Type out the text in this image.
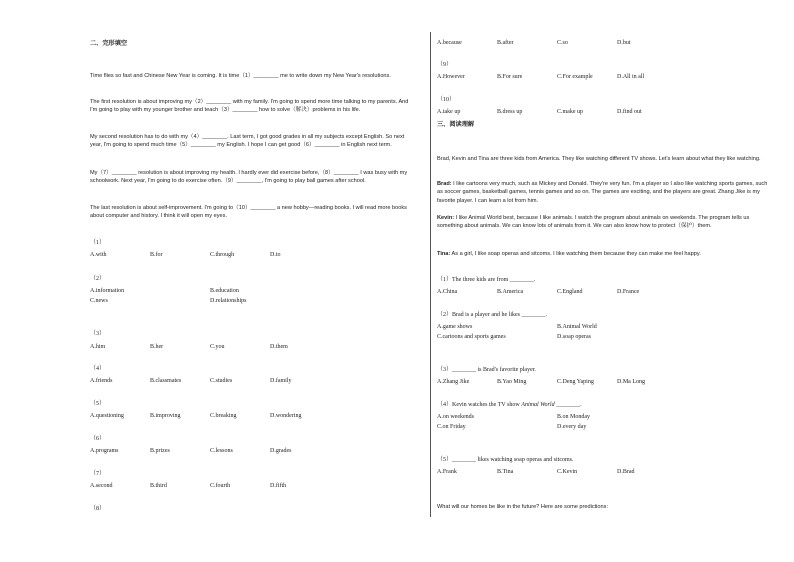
二、完形填空
Time flies so fast and Chinese New Year is coming. It is time（1）________ me to write down my New Year's resolutions.
The first resolution is about improving my（2）________ with my family. I'm going to spend more time talking to my parents. And I'm going to play with my younger brother and teach（3）________ how to solve（解决）problems in his life.
My second resolution has to do with my（4）________. Last term, I got good grades in all my subjects except English. So next year, I'm going to spend much time（5）________ my English. I hope I can get good（6）________ in English next term.
My（7）________ resolution is about improving my health. I hardly ever did exercise before,（8）________ I was busy with my schoolwork. Next year, I'm going to do exercise often.（9）________, I'm going to play ball games after school.
The last resolution is about self-improvement. I'm going to（10）________ a new hobby—reading books. I will read more books about computer and history. I think it will open my eyes.
（1）
A.with	B.for	C.through	D.to
（2）
A.information	B.education
C.news	D.relationships
（3）
A.him	B.her	C.you	D.them
（4）
A.friends	B.classmates	C.studies	D.family
（5）
A.questioning	B.improving	C.breaking	D.wondering
（6）
A.programs	B.prizes	C.lessons	D.grades
（7）
A.second	B.third	C.fourth	D.fifth
（8）
A.because	B.after	C.so	D.but
（9）
A.However	B.For sure	C.For example	D.All in all
（10）
A.take up	B.dress up	C.make up	D.find out
三、阅读理解
Brad, Kevin and Tina are three kids from America. They like watching different TV shows. Let's learn about what they like watching.
Brad: I like cartoons very much, such as Mickey and Donald. They're very fun. I'm a player so I also like watching sports games, such as soccer games, basketball games, tennis games and so on. The games are exciting, and the players are great. Zhang Jike is my favorite player. I can learn a lot from him.
Kevin: I like Animal World best, because I like animals. I watch the program about animals on weekends. The program tells us something about animals. We can know lots of animals from it. We can also know how to protect（保护）them.
Tina: As a girl, I like soap operas and sitcoms. I like watching them because they can make me feel happy.
（1）The three kids are from ________.
A.China	B.America	C.England	D.France
（2）Brad is a player and he likes ________.
A.game shows	B.Animal World
C.cartoons and sports games	D.soap operas
（3）________ is Brad's favorite player.
A.Zhang Jike	B.Yao Ming	C.Deng Yaping	D.Ma Long
（4）Kevin watches the TV show Animal World ________.
A.on weekends	B.on Monday
C.on Friday	D.every day
（5）________ likes watching soap operas and sitcoms.
A.Frank	B.Tina	C.Kevin	D.Brad
What will our homes be like in the future? Here are some predictions:
